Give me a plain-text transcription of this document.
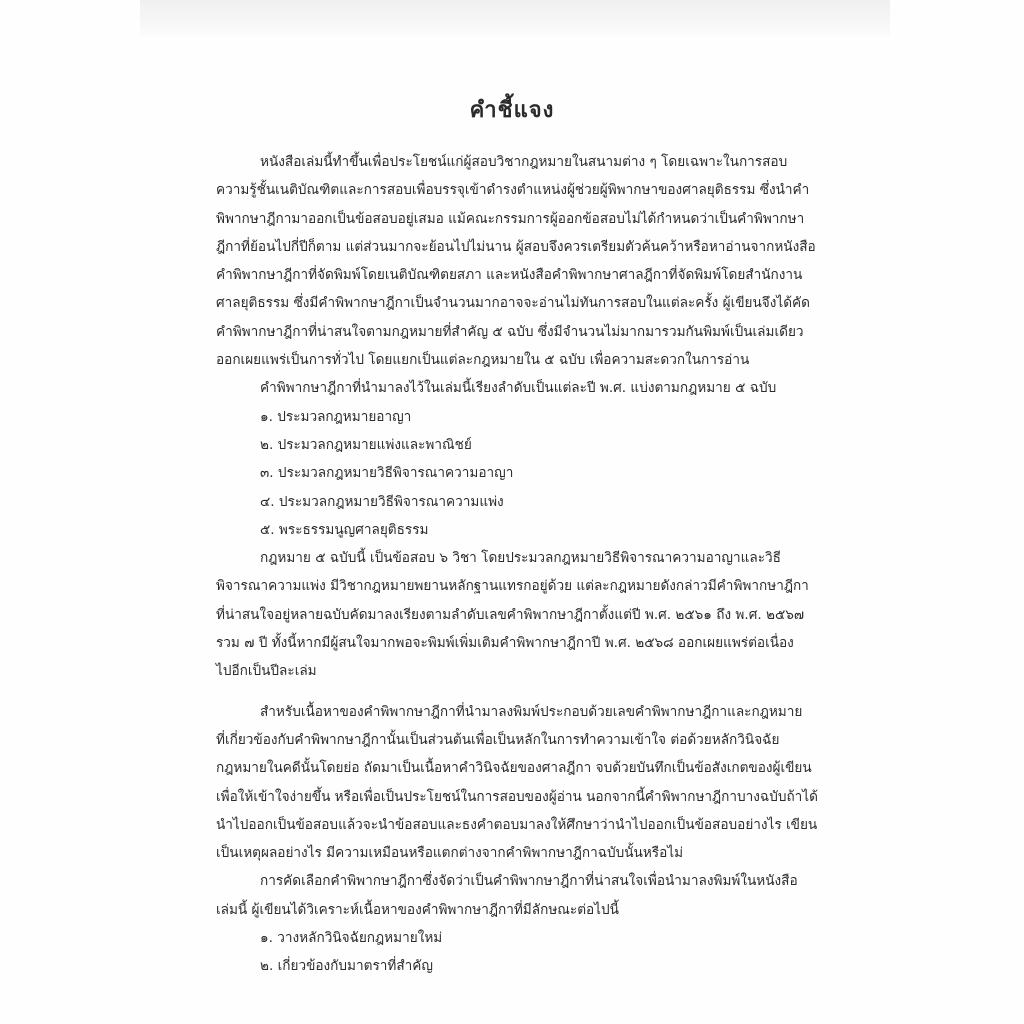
คำชี้แจง
หนังสือเล่มนี้ทำขึ้นเพื่อประโยชน์แก่ผู้สอบวิชากฎหมายในสนามต่าง ๆ โดยเฉพาะในการสอบ
ความรู้ชั้นเนติบัณฑิตและการสอบเพื่อบรรจุเข้าดำรงตำแหน่งผู้ช่วยผู้พิพากษาของศาลยุติธรรม ซึ่งนำคำ
พิพากษาฎีกามาออกเป็นข้อสอบอยู่เสมอ แม้คณะกรรมการผู้ออกข้อสอบไม่ได้กำหนดว่าเป็นคำพิพากษา
ฎีกาที่ย้อนไปกี่ปีก็ตาม แต่ส่วนมากจะย้อนไปไม่นาน ผู้สอบจึงควรเตรียมตัวค้นคว้าหรือหาอ่านจากหนังสือ
คำพิพากษาฎีกาที่จัดพิมพ์โดยเนติบัณฑิตยสภา และหนังสือคำพิพากษาศาลฎีกาที่จัดพิมพ์โดยสำนักงาน
ศาลยุติธรรม ซึ่งมีคำพิพากษาฎีกาเป็นจำนวนมากอาจจะอ่านไม่ทันการสอบในแต่ละครั้ง ผู้เขียนจึงได้คัด
คำพิพากษาฎีกาที่น่าสนใจตามกฎหมายที่สำคัญ ๕ ฉบับ ซึ่งมีจำนวนไม่มากมารวมกันพิมพ์เป็นเล่มเดียว
ออกเผยแพร่เป็นการทั่วไป โดยแยกเป็นแต่ละกฎหมายใน ๕ ฉบับ เพื่อความสะดวกในการอ่าน
คำพิพากษาฎีกาที่นำมาลงไว้ในเล่มนี้เรียงลำดับเป็นแต่ละปี พ.ศ. แบ่งตามกฎหมาย ๕ ฉบับ
๑. ประมวลกฎหมายอาญา
๒. ประมวลกฎหมายแพ่งและพาณิชย์
๓. ประมวลกฎหมายวิธีพิจารณาความอาญา
๔. ประมวลกฎหมายวิธีพิจารณาความแพ่ง
๕. พระธรรมนูญศาลยุติธรรม
กฎหมาย ๕ ฉบับนี้ เป็นข้อสอบ ๖ วิชา โดยประมวลกฎหมายวิธีพิจารณาความอาญาและวิธี
พิจารณาความแพ่ง มีวิชากฎหมายพยานหลักฐานแทรกอยู่ด้วย แต่ละกฎหมายดังกล่าวมีคำพิพากษาฎีกา
ที่น่าสนใจอยู่หลายฉบับคัดมาลงเรียงตามลำดับเลขคำพิพากษาฎีกาตั้งแต่ปี พ.ศ. ๒๕๖๑ ถึง พ.ศ. ๒๕๖๗
รวม ๗ ปี ทั้งนี้หากมีผู้สนใจมากพอจะพิมพ์เพิ่มเติมคำพิพากษาฎีกาปี พ.ศ. ๒๕๖๘ ออกเผยแพร่ต่อเนื่อง
ไปอีกเป็นปีละเล่ม
สำหรับเนื้อหาของคำพิพากษาฎีกาที่นำมาลงพิมพ์ประกอบด้วยเลขคำพิพากษาฎีกาและกฎหมาย
ที่เกี่ยวข้องกับคำพิพากษาฎีกานั้นเป็นส่วนต้นเพื่อเป็นหลักในการทำความเข้าใจ ต่อด้วยหลักวินิจฉัย
กฎหมายในคดีนั้นโดยย่อ ถัดมาเป็นเนื้อหาคำวินิจฉัยของศาลฎีกา จบด้วยบันทึกเป็นข้อสังเกตของผู้เขียน
เพื่อให้เข้าใจง่ายขึ้น หรือเพื่อเป็นประโยชน์ในการสอบของผู้อ่าน นอกจากนี้คำพิพากษาฎีกาบางฉบับถ้าได้
นำไปออกเป็นข้อสอบแล้วจะนำข้อสอบและธงคำตอบมาลงให้ศึกษาว่านำไปออกเป็นข้อสอบอย่างไร เขียน
เป็นเหตุผลอย่างไร มีความเหมือนหรือแตกต่างจากคำพิพากษาฎีกาฉบับนั้นหรือไม่
การคัดเลือกคำพิพากษาฎีกาซึ่งจัดว่าเป็นคำพิพากษาฎีกาที่น่าสนใจเพื่อนำมาลงพิมพ์ในหนังสือ
เล่มนี้ ผู้เขียนได้วิเคราะห์เนื้อหาของคำพิพากษาฎีกาที่มีลักษณะต่อไปนี้
๑. วางหลักวินิจฉัยกฎหมายใหม่
๒. เกี่ยวข้องกับมาตราที่สำคัญ
